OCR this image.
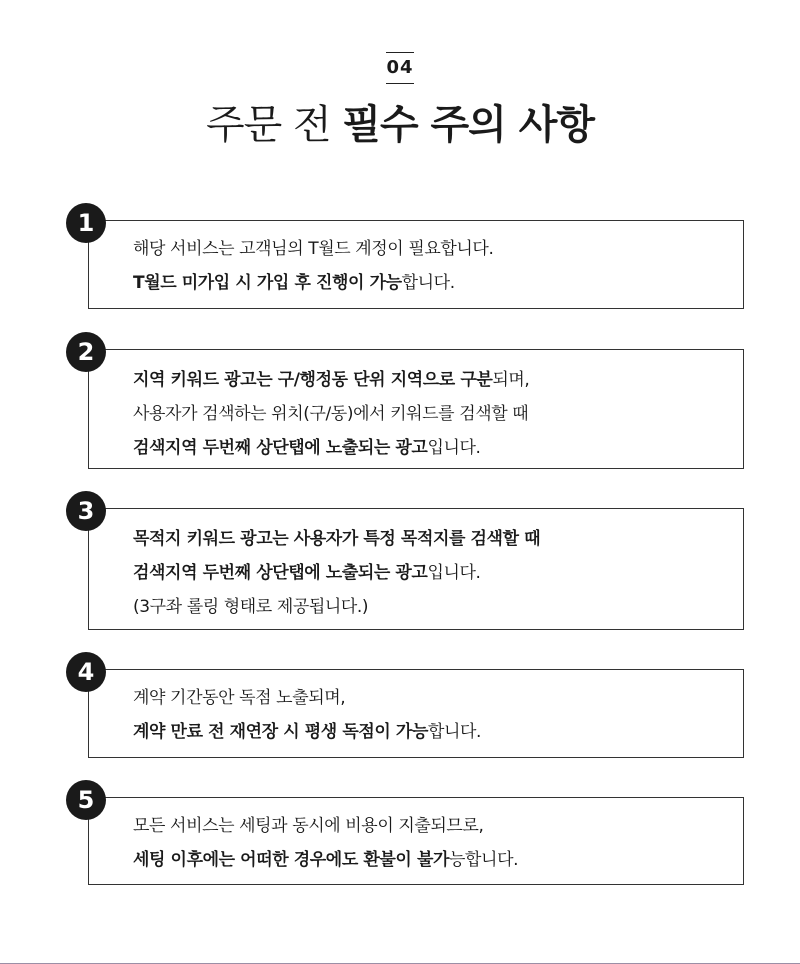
04
주문 전 필수 주의 사항
1
해당 서비스는 고객님의 T월드 계정이 필요합니다.
T월드 미가입 시 가입 후 진행이 가능합니다.
2
지역 키워드 광고는 구/행정동 단위 지역으로 구분되며,
사용자가 검색하는 위치(구/동)에서 키워드를 검색할 때
검색지역 두번째 상단탭에 노출되는 광고입니다.
3
목적지 키워드 광고는 사용자가 특정 목적지를 검색할 때
검색지역 두번째 상단탭에 노출되는 광고입니다.
(3구좌 롤링 형태로 제공됩니다.)
4
계약 기간동안 독점 노출되며,
계약 만료 전 재연장 시 평생 독점이 가능합니다.
5
모든 서비스는 세팅과 동시에 비용이 지출되므로,
세팅 이후에는 어떠한 경우에도 환불이 불가능합니다.
